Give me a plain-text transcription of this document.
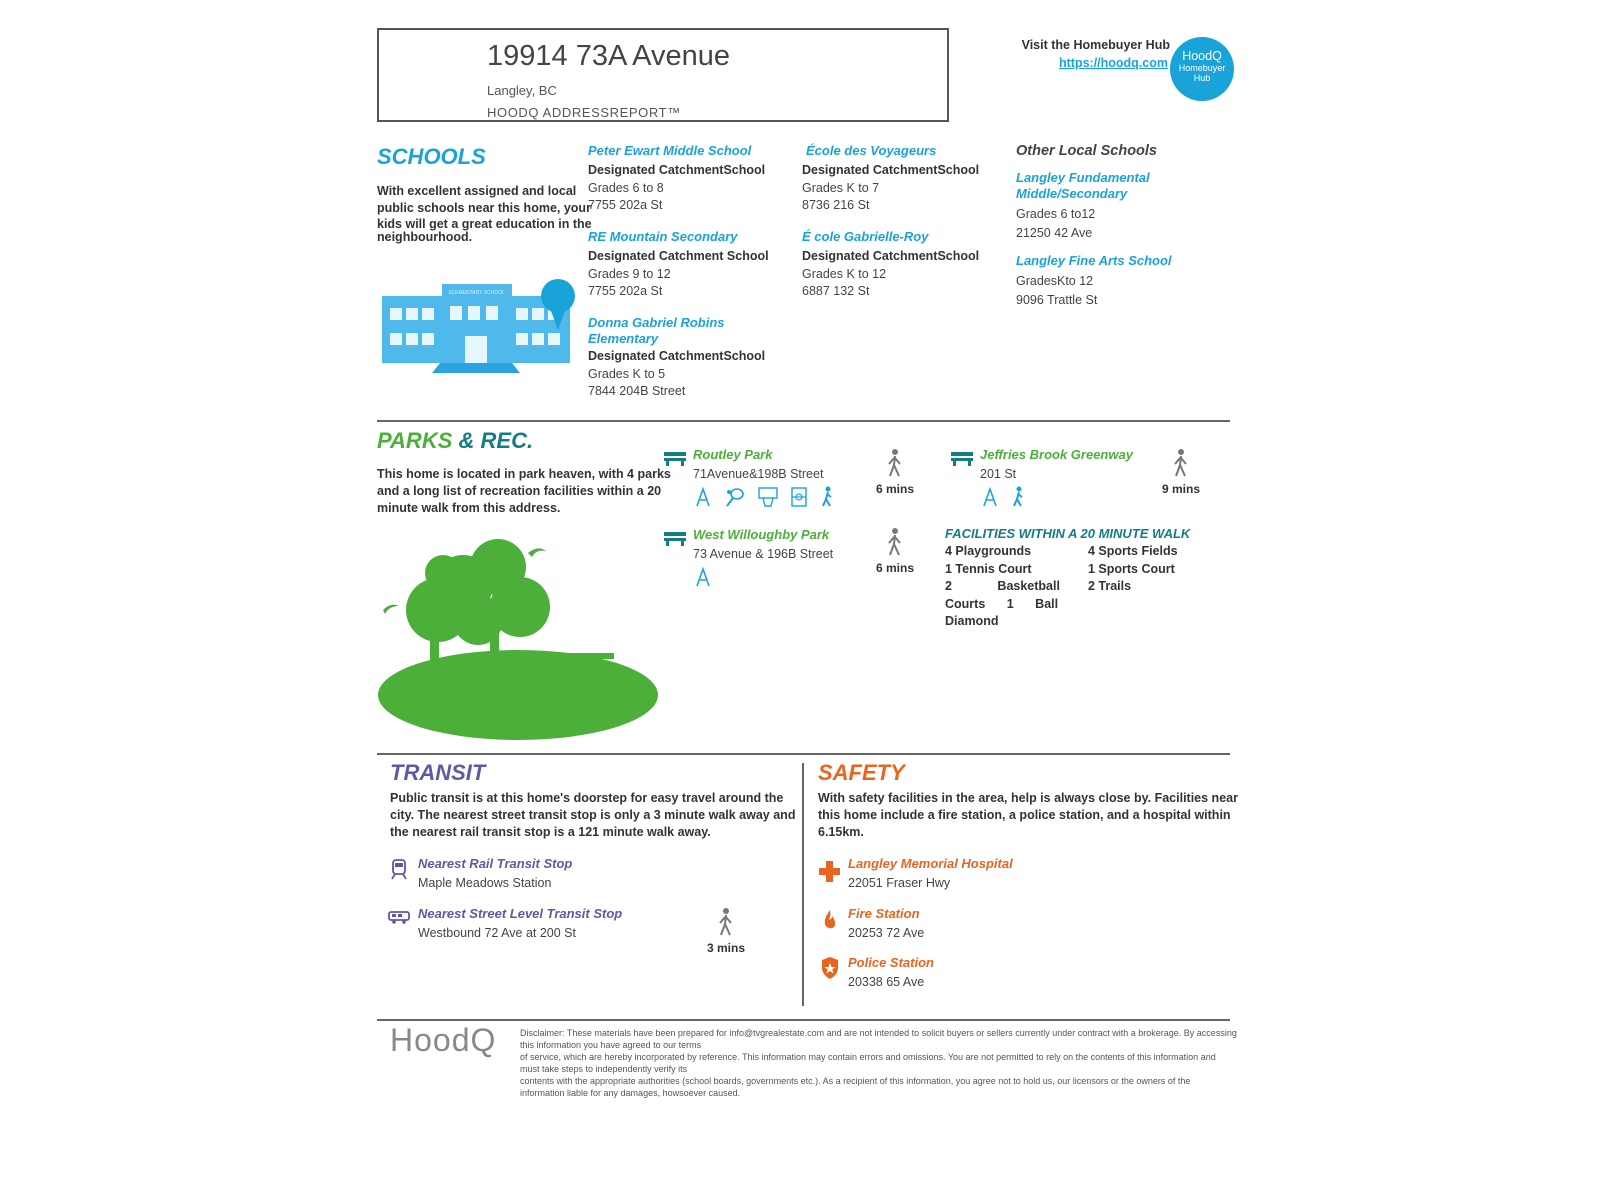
19914 73A Avenue
Langley, BC
HOODQ ADDRESSREPORT™
Visit the Homebuyer Hub
https://hoodq.com	HoodQ
Homebuyer
Hub
SCHOOLS
With excellent assigned and local
public schools near this home, your
kids will get a great education in the
neighbourhood.
ELEMENTARY SCHOOL
Peter Ewart Middle School
Designated CatchmentSchool
Grades 6 to 8
7755 202a St
RE Mountain Secondary
Designated Catchment School
Grades 9 to 12
7755 202a St
Donna Gabriel Robins
Elementary
Designated CatchmentSchool
Grades K to 5
7844 204B Street
École des Voyageurs
Designated CatchmentSchool
Grades K to 7
8736 216 St
É cole Gabrielle-Roy
Designated CatchmentSchool
Grades K to 12
6887 132 St
Other Local Schools
Langley Fundamental
Middle/Secondary
Grades 6 to12
21250 42 Ave
Langley Fine Arts School
GradesKto 12
9096 Trattle St
PARKS & REC.
This home is located in park heaven, with 4 parks
and a long list of recreation facilities within a 20
minute walk from this address.
Routley Park
71Avenue&198B Street

6 mins
West Willoughby Park
73 Avenue & 196B Street
6 mins
Jeffries Brook Greenway
201 St

9 mins
FACILITIES WITHIN A 20 MINUTE WALK
4 Playgrounds
1 Tennis Court
2 Basketball
Courts 1 Ball
Diamond
4 Sports Fields
1 Sports Court
2 Trails
TRANSIT
Public transit is at this home's doorstep for easy travel around the
city. The nearest street transit stop is only a 3 minute walk away and
the nearest rail transit stop is a 121 minute walk away.
Nearest Rail Transit Stop
Maple Meadows Station
Nearest Street Level Transit Stop
Westbound 72 Ave at 200 St
3 mins
SAFETY
With safety facilities in the area, help is always close by. Facilities near
this home include a fire station, a police station, and a hospital within
6.15km.
Langley Memorial Hospital
22051 Fraser Hwy
Fire Station
20253 72 Ave
Police Station
20338 65 Ave
HoodQ	Disclaimer: These materials have been prepared for info@tvgrealestate.com and are not intended to solicit buyers or sellers currently under contract with a brokerage. By accessing
this information you have agreed to our terms
of service, which are hereby incorporated by reference. This information may contain errors and omissions. You are not permitted to rely on the contents of this information and
must take steps to independently verify its
contents with the appropriate authorities (school boards, governments etc.). As a recipient of this information, you agree not to hold us, our licensors or the owners of the
information liable for any damages, howsoever caused.
